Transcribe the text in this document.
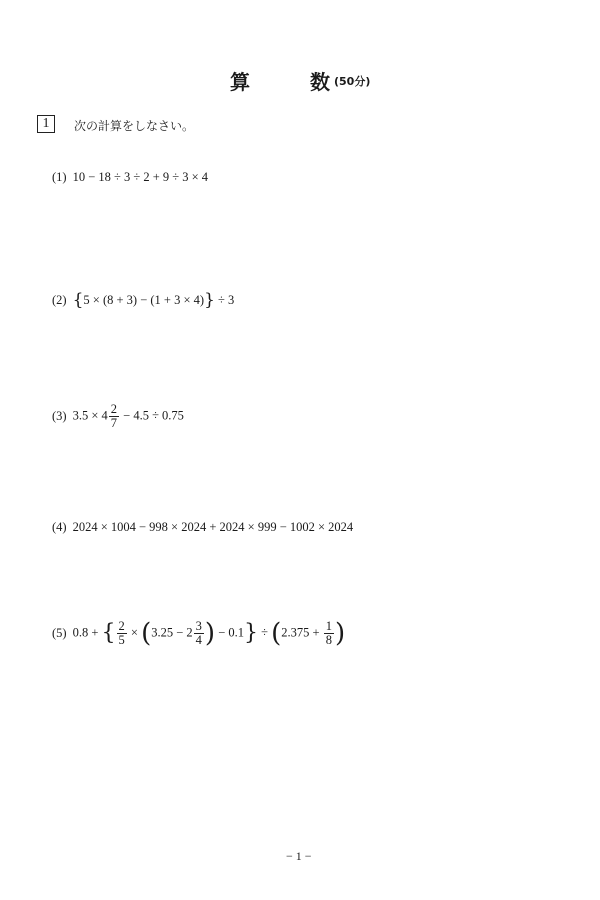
算	数 (50分)
1	次の計算をしなさい。
(1) 10 − 18 ÷ 3 ÷ 2 + 9 ÷ 3 × 4
(2) {5 × (8 + 3) − (1 + 3 × 4)} ÷ 3
(3) $3.5 \times 4 \frac{2}{7} - 4.5 \div 0.75$
(4) 2024 × 1004 − 998 × 2024 + 2024 × 999 − 1002 × 2024
(5) 0.8 + { $\frac{2}{5} \times (3.25 - 2 \frac{3}{4}$ ) − $0.1\} \div (2.375 + \frac{1}{8}$ )
− 1 −
